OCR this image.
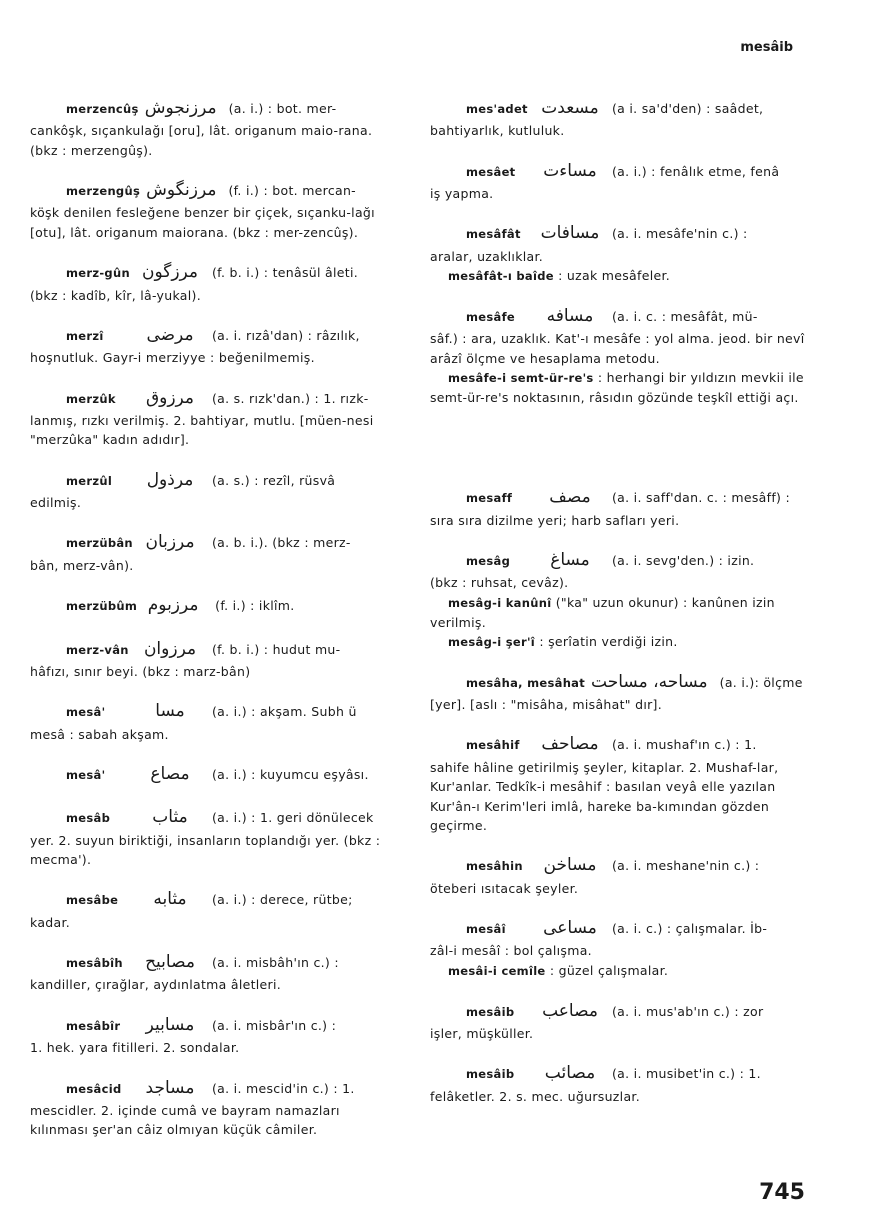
mesâib
merzencûş مرزنجوش (a. i.) : bot. mer-
cankôşk, sıçankulağı [oru], lât. origanum maio-rana. (bkz : merzengûş).
merzengûş مرزنگوش (f. i.) : bot. mercan-
köşk denilen fesleğene benzer bir çiçek, sıçanku-lağı [otu], lât. origanum maiorana. (bkz : mer-zencûş).
merz-gûn مرزگون (f. b. i.) : tenâsül âleti.
(bkz : kadîb, kîr, lâ-yukal).
merzî	مرضى	(a. i. rızâ'dan) : râzılık,
hoşnutluk. Gayr-i merziyye : beğenilmemiş.
merzûk	مرزوق	(a. s. rızk'dan.) : 1. rızk-
lanmış, rızkı verilmiş. 2. bahtiyar, mutlu. [müen-nesi "merzûka" kadın adıdır].
merzûl	مرذول	(a. s.) : rezîl, rüsvâ
edilmiş.
merzübân مرزبان	(a. b. i.). (bkz : merz-
bân, merz-vân).
merzübûm مرزبوم	(f. i.) : iklîm.
merz-vân مرزوان	(f. b. i.) : hudut mu-
hâfızı, sınır beyi. (bkz : marz-bân)
mesâ'	مسا	(a. i.) : akşam. Subh ü
mesâ : sabah akşam.
mesâ'	مصاع	(a. i.) : kuyumcu eşyâsı.
mesâb	مثاب	(a. i.) : 1. geri dönülecek
yer. 2. suyun biriktiği, insanların toplandığı yer. (bkz : mecma').
mesâbe	مثابه	(a. i.) : derece, rütbe;
kadar.
mesâbîh	مصابيح	(a. i. misbâh'ın c.) :
kandiller, çırağlar, aydınlatma âletleri.
mesâbîr	مسابير	(a. i. misbâr'ın c.) :
1. hek. yara fitilleri. 2. sondalar.
mesâcid	مساجد	(a. i. mescid'in c.) : 1.
mescidler. 2. içinde cumâ ve bayram namazları kılınması şer'an câiz olmıyan küçük câmiler.
mes'adet مسعدت (a i. sa'd'den) : saâdet,
bahtiyarlık, kutluluk.
mesâet	مساءت (a. i.) : fenâlık etme, fenâ
iş yapma.
mesâfât	مسافات (a. i. mesâfe'nin c.) :
aralar, uzaklıklar.
mesâfât-ı baîde : uzak mesâfeler.
mesâfe	مسافه	(a. i. c. : mesâfât, mü-
sâf.) : ara, uzaklık. Kat'-ı mesâfe : yol alma. jeod. bir nevî arâzî ölçme ve hesaplama metodu.
mesâfe-i semt-ür-re's : herhangi bir yıldızın mevkii ile semt-ür-re's noktasının, râsıdın gözünde teşkîl ettiği açı.
mesaff	مصف	(a. i. saff'dan. c. : mesâff) :
sıra sıra dizilme yeri; harb safları yeri.
mesâg	مساغ	(a. i. sevg'den.) : izin.
(bkz : ruhsat, cevâz).
mesâg-i kanûnî ("ka" uzun okunur) : kanûnen izin verilmiş.
mesâg-i şer'î : şerîatin verdiği izin.
mesâha, mesâhat مساحه، مساحت (a. i.): ölçme
[yer]. [aslı : "misâha, misâhat" dır].
mesâhif	مصاحف (a. i. mushaf'ın c.) : 1.
sahife hâline getirilmiş şeyler, kitaplar. 2. Mushaf-lar, Kur'anlar. Tedkîk-i mesâhif : basılan veyâ elle yazılan Kur'ân-ı Kerim'leri imlâ, hareke ba-kımından gözden geçirme.
mesâhin	مساخن (a. i. meshane'nin c.) :
öteberi ısıtacak şeyler.
mesâî	مساعى (a. i. c.) : çalışmalar. İb-
zâl-i mesâî : bol çalışma.
mesâi-i cemîle : güzel çalışmalar.
mesâib	مصاعب (a. i. mus'ab'ın c.) : zor
işler, müşküller.
mesâib	مصائب	(a. i. musibet'in c.) : 1.
felâketler. 2. s. mec. uğursuzlar.
745
